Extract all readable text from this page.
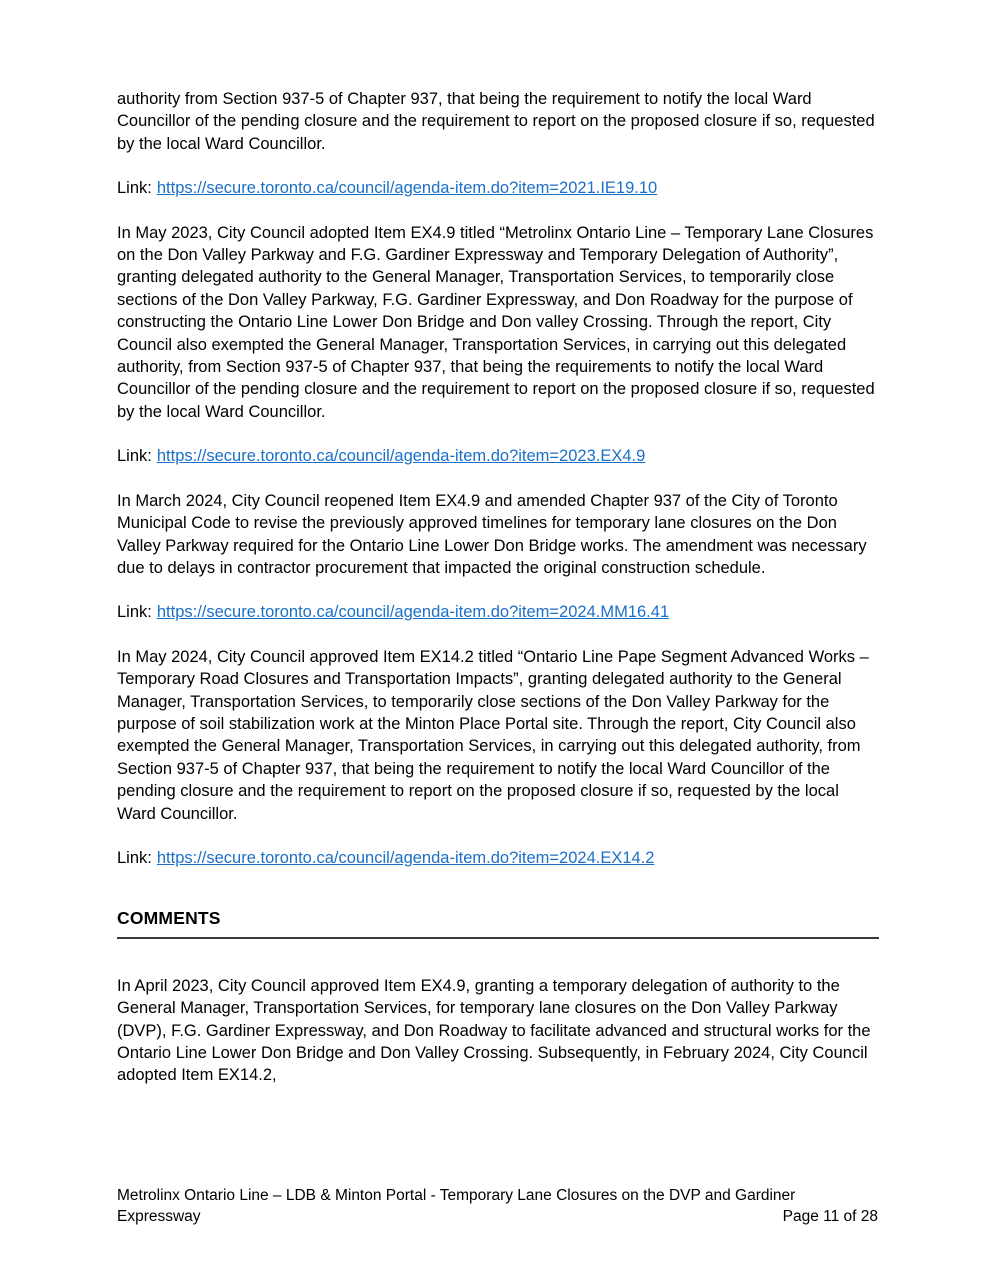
authority from Section 937-5 of Chapter 937, that being the requirement to notify the local Ward Councillor of the pending closure and the requirement to report on the proposed closure if so, requested by the local Ward Councillor.

Link: https://secure.toronto.ca/council/agenda-item.do?item=2021.IE19.10

In May 2023, City Council adopted Item EX4.9 titled “Metrolinx Ontario Line – Temporary Lane Closures on the Don Valley Parkway and F.G. Gardiner Expressway and Temporary Delegation of Authority”, granting delegated authority to the General Manager, Transportation Services, to temporarily close sections of the Don Valley Parkway, F.G. Gardiner Expressway, and Don Roadway for the purpose of constructing the Ontario Line Lower Don Bridge and Don valley Crossing. Through the report, City Council also exempted the General Manager, Transportation Services, in carrying out this delegated authority, from Section 937-5 of Chapter 937, that being the requirements to notify the local Ward Councillor of the pending closure and the requirement to report on the proposed closure if so, requested by the local Ward Councillor.

Link: https://secure.toronto.ca/council/agenda-item.do?item=2023.EX4.9

In March 2024, City Council reopened Item EX4.9 and amended Chapter 937 of the City of Toronto Municipal Code to revise the previously approved timelines for temporary lane closures on the Don Valley Parkway required for the Ontario Line Lower Don Bridge works. The amendment was necessary due to delays in contractor procurement that impacted the original construction schedule.

Link: https://secure.toronto.ca/council/agenda-item.do?item=2024.MM16.41

In May 2024, City Council approved Item EX14.2 titled “Ontario Line Pape Segment Advanced Works – Temporary Road Closures and Transportation Impacts”, granting delegated authority to the General Manager, Transportation Services, to temporarily close sections of the Don Valley Parkway for the purpose of soil stabilization work at the Minton Place Portal site. Through the report, City Council also exempted the General Manager, Transportation Services, in carrying out this delegated authority, from Section 937-5 of Chapter 937, that being the requirement to notify the local Ward Councillor of the pending closure and the requirement to report on the proposed closure if so, requested by the local Ward Councillor.

Link: https://secure.toronto.ca/council/agenda-item.do?item=2024.EX14.2

COMMENTS

In April 2023, City Council approved Item EX4.9, granting a temporary delegation of authority to the General Manager, Transportation Services, for temporary lane closures on the Don Valley Parkway (DVP), F.G. Gardiner Expressway, and Don Roadway to facilitate advanced and structural works for the Ontario Line Lower Don Bridge and Don Valley Crossing. Subsequently, in February 2024, City Council adopted Item EX14.2,

Metrolinx Ontario Line – LDB & Minton Portal - Temporary Lane Closures on the DVP and Gardiner
Expressway	Page 11 of 28
